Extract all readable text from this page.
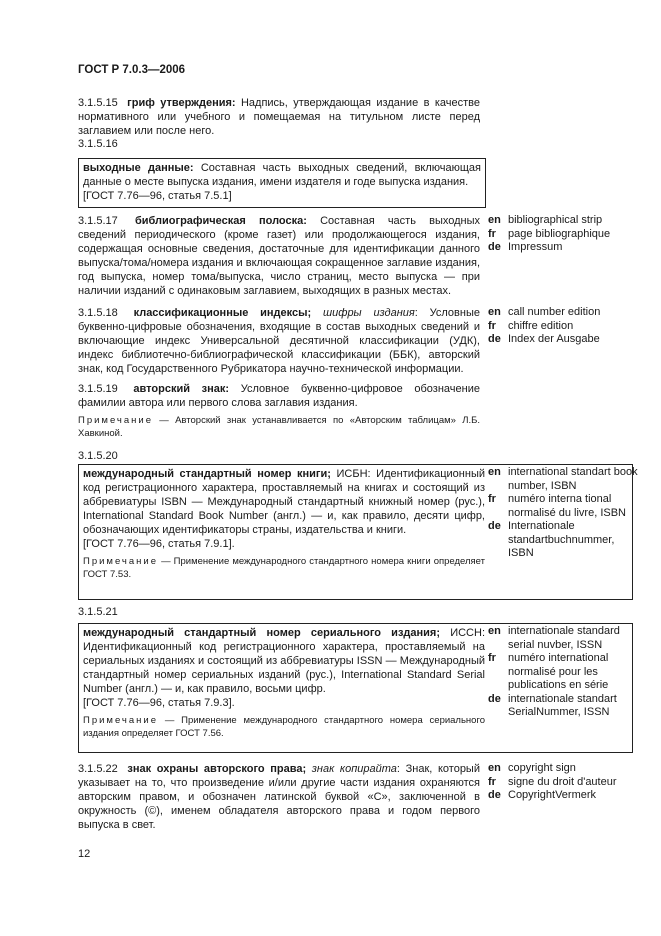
ГОСТ Р 7.0.3—2006
3.1.5.15 гриф утверждения: Надпись, утверждающая издание в качестве нормативного или учебного и помещаемая на титульном листе перед заглавием или после него.
3.1.5.16
выходные данные: Составная часть выходных сведений, включающая данные о месте выпуска издания, имени издателя и годе выпуска издания.
[ГОСТ 7.76—96, статья 7.5.1]
3.1.5.17 библиографическая полоска: Составная часть выходных сведений периодического (кроме газет) или продолжающегося издания, содержащая основные сведения, достаточные для идентификации данного выпуска/тома/номера издания и включающая сокращенное заглавие издания, год выпуска, номер тома/выпуска, число страниц, место выпуска — при наличии изданий с одинаковым заглавием, выходящих в разных местах.
en bibliographical strip
fr	page bibliographique
de Impressum
3.1.5.18 классификационные индексы; шифры издания: Условные буквенно-цифровые обозначения, входящие в состав выходных сведений и включающие индекс Универсальной десятичной классификации (УДК), индекс библиотечно-библиографической классификации (ББК), авторский знак, код Государственного Рубрикатора научно-технической информации.
en call number edition
fr	chiffre edition
de Index der Ausgabe
3.1.5.19 авторский знак: Условное буквенно-цифровое обозначение фамилии автора или первого слова заглавия издания.
Примечание — Авторский знак устанавливается по «Авторским таблицам» Л.Б. Хавкиной.
3.1.5.20
международный стандартный номер книги; ИСБН: Идентификационный код регистрационного характера, проставляемый на книгах и состоящий из аббревиатуры ISBN — Международный стандартный книжный номер (рус.), International Standard Book Number (англ.) — и, как правило, десяти цифр, обозначающих идентификаторы страны, издательства и книги.
[ГОСТ 7.76—96, статья 7.9.1].
Примечание — Применение международного стандартного номера книги определяет ГОСТ 7.53.
en international standart book number, ISBN
fr	numéro interna tional normalisé du livre, ISBN
de Internationale standartbuchnummer, ISBN
3.1.5.21
международный стандартный номер сериального издания; ИССН: Идентификационный код регистрационного характера, проставляемый на сериальных изданиях и состоящий из аббревиатуры ISSN — Международный стандартный номер сериальных изданий (рус.), International Standard Serial Number (англ.) — и, как правило, восьми цифр.
[ГОСТ 7.76—96, статья 7.9.3].
Примечание — Применение международного стандартного номера сериального издания определяет ГОСТ 7.56.
en internationale standard serial nuvber, ISSN
fr	numéro international normalisé pour les publications en série
de internationale standart SerialNummer, ISSN
3.1.5.22 знак охраны авторского права; знак копирайта: Знак, который указывает на то, что произведение и/или другие части издания охраняются авторским правом, и обозначен латинской буквой «С», заключенной в окружность (©), именем обладателя авторского права и годом первого выпуска в свет.
en copyright sign
fr	signe du droit d'auteur
de CopyrightVermerk
12
